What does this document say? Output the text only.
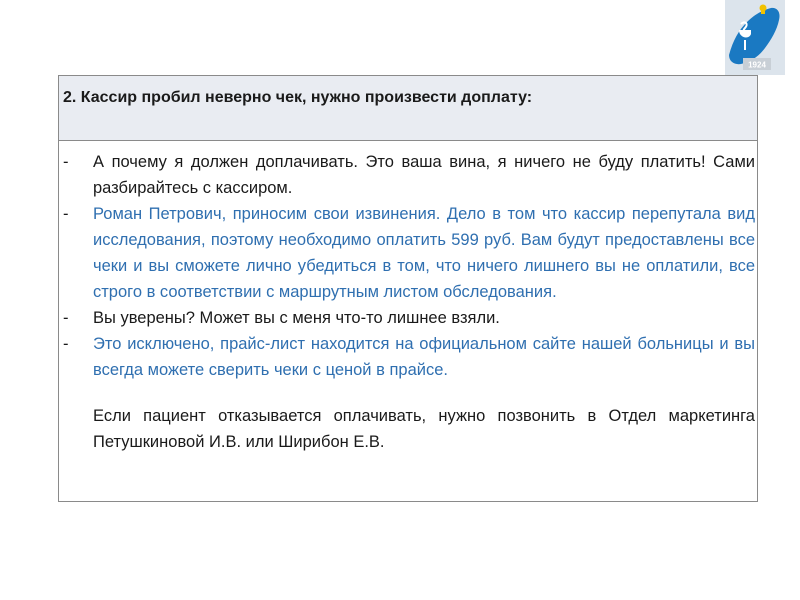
1924
2. Кассир пробил неверно чек, нужно произвести доплату:
-	А почему я должен доплачивать. Это ваша вина, я ничего не буду платить! Сами разбирайтесь с кассиром.
-	Роман Петрович, приносим свои извинения. Дело в том что кассир перепутала вид исследования, поэтому необходимо оплатить 599 руб. Вам будут предоставлены все чеки и вы сможете лично убедиться в том, что ничего лишнего вы не оплатили, все строго в соответствии с маршрутным листом обследования.
-	Вы уверены? Может вы с меня что-то лишнее взяли.
-	Это исключено, прайс-лист находится на официальном сайте нашей больницы и вы всегда можете сверить чеки с ценой в прайсе.
Если пациент отказывается оплачивать, нужно позвонить в Отдел маркетинга Петушкиновой И.В. или Ширибон Е.В.
